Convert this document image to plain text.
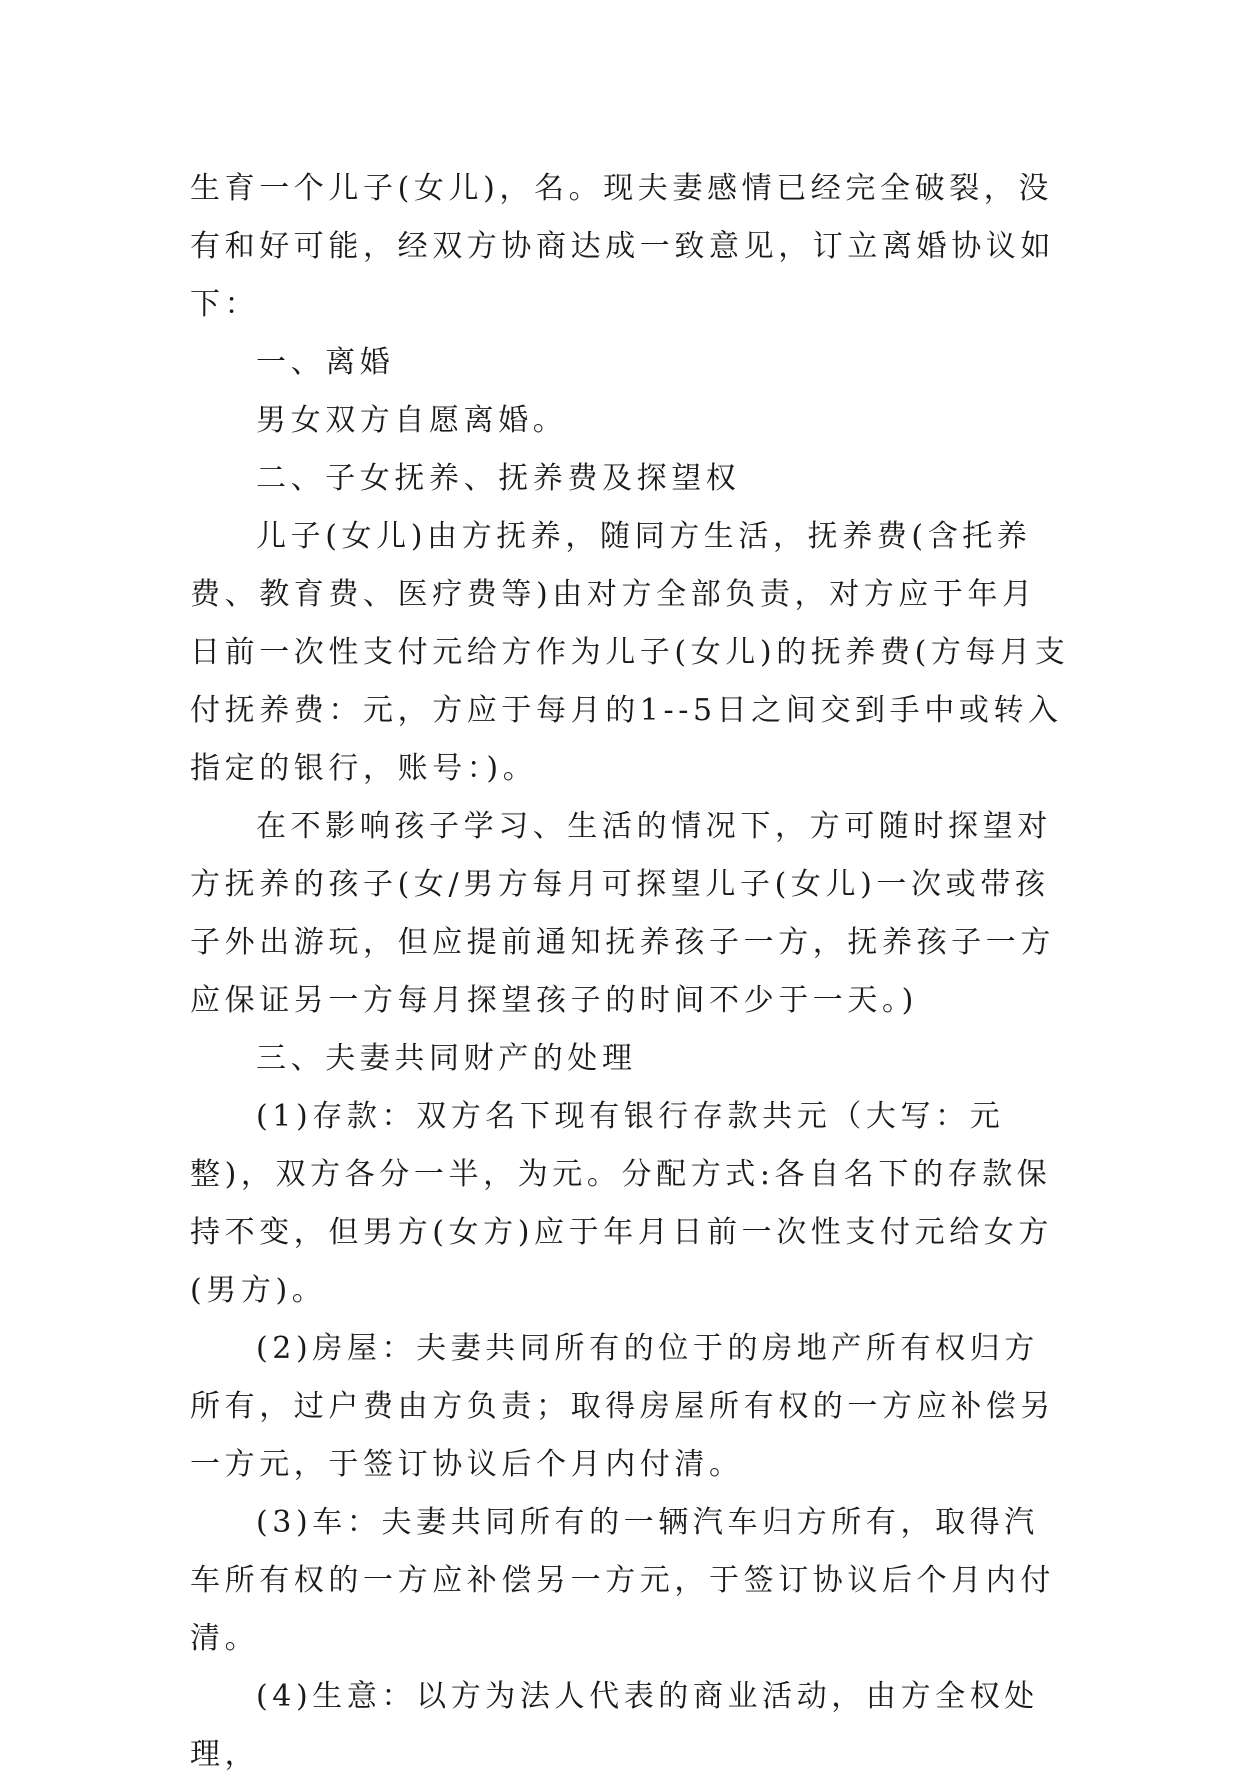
生育一个儿子(女儿)，名。现夫妻感情已经完全破裂，没有和好可能，经双方协商达成一致意见，订立离婚协议如下：

一、离婚

男女双方自愿离婚。

二、子女抚养、抚养费及探望权

儿子(女儿)由方抚养，随同方生活，抚养费(含托养费、教育费、医疗费等)由对方全部负责，对方应于年月日前一次性支付元给方作为儿子(女儿)的抚养费(方每月支付抚养费：元，方应于每月的1--5日之间交到手中或转入指定的银行，账号：)。

在不影响孩子学习、生活的情况下，方可随时探望对方抚养的孩子(女/男方每月可探望儿子(女儿)一次或带孩子外出游玩，但应提前通知抚养孩子一方，抚养孩子一方应保证另一方每月探望孩子的时间不少于一天。)

三、夫妻共同财产的处理

(1)存款：双方名下现有银行存款共元（大写：元整)，双方各分一半，为元。分配方式:各自名下的存款保持不变，但男方(女方)应于年月日前一次性支付元给女方(男方)。

(2)房屋：夫妻共同所有的位于的房地产所有权归方所有，过户费由方负责；取得房屋所有权的一方应补偿另一方元，于签订协议后个月内付清。

(3)车：夫妻共同所有的一辆汽车归方所有，取得汽车所有权的一方应补偿另一方元，于签订协议后个月内付清。

(4)生意：以方为法人代表的商业活动，由方全权处理，
